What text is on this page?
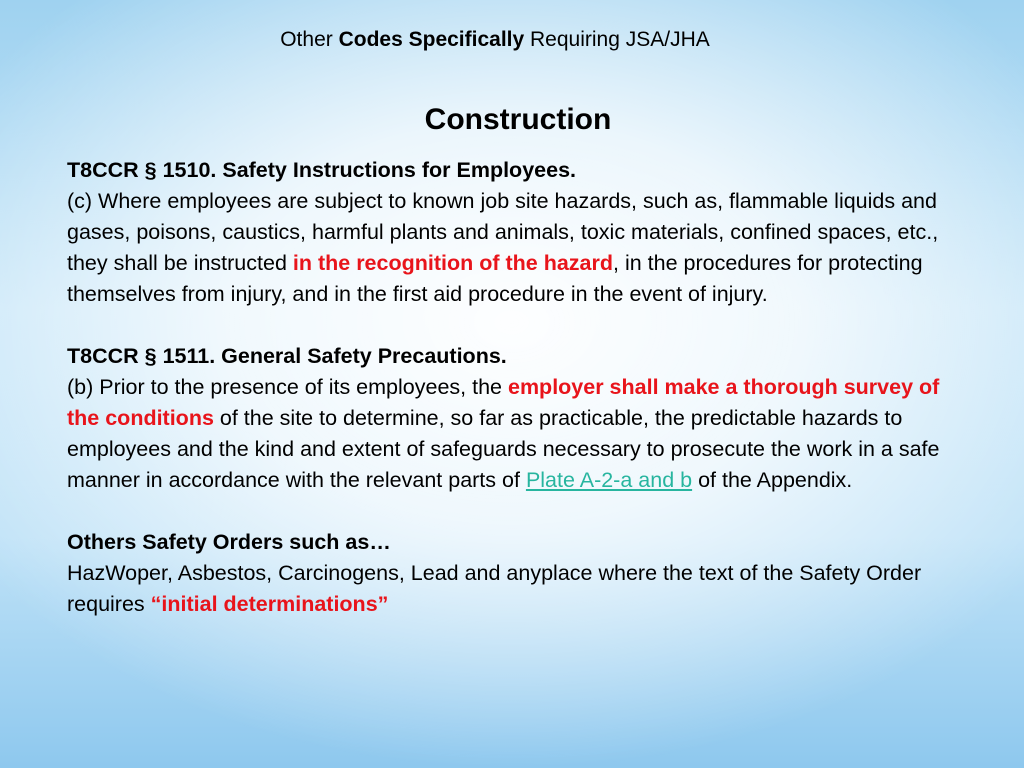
Other Codes Specifically Requiring JSA/JHA
Construction
T8CCR § 1510. Safety Instructions for Employees.
(c) Where employees are subject to known job site hazards, such as, flammable liquids and gases, poisons, caustics, harmful plants and animals, toxic materials, confined spaces, etc., they shall be instructed in the recognition of the hazard, in the procedures for protecting themselves from injury, and in the first aid procedure in the event of injury.
T8CCR § 1511. General Safety Precautions.
(b) Prior to the presence of its employees, the employer shall make a thorough survey of the conditions of the site to determine, so far as practicable, the predictable hazards to employees and the kind and extent of safeguards necessary to prosecute the work in a safe manner in accordance with the relevant parts of Plate A-2-a and b of the Appendix.
Others Safety Orders such as…
HazWoper, Asbestos, Carcinogens, Lead and anyplace where the text of the Safety Order requires “initial determinations”
